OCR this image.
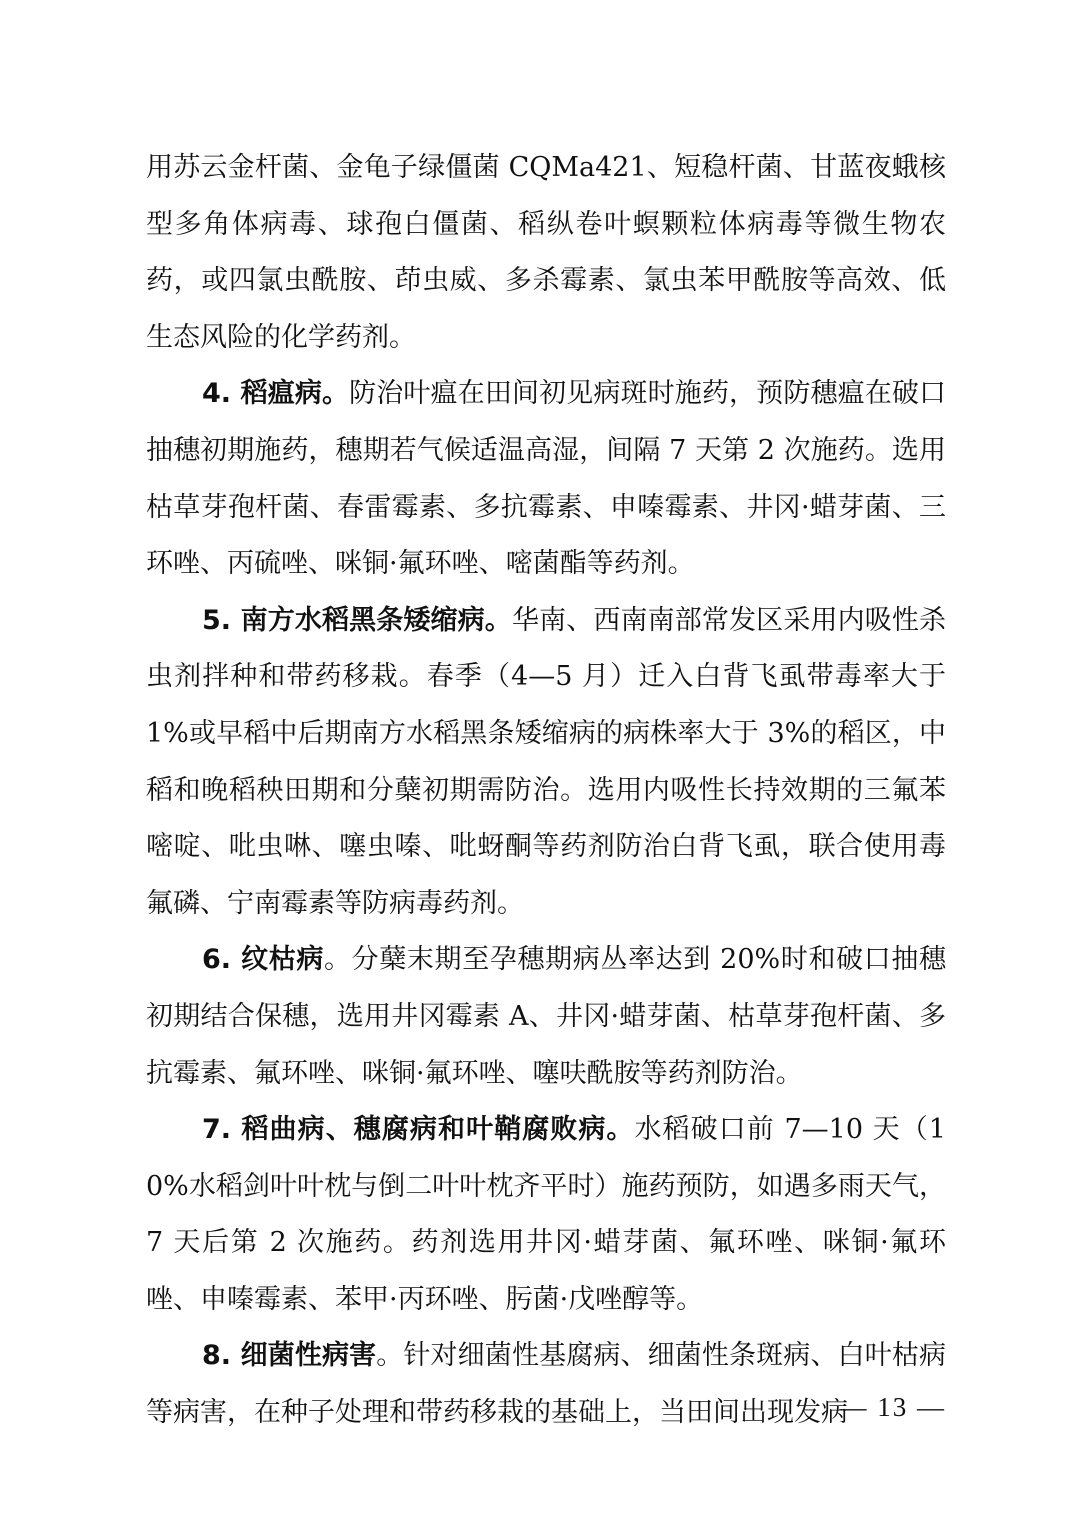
用苏云金杆菌、金龟子绿僵菌 CQMa421、短稳杆菌、甘蓝夜蛾核型多角体病毒、球孢白僵菌、稻纵卷叶螟颗粒体病毒等微生物农药，或四氯虫酰胺、茚虫威、多杀霉素、氯虫苯甲酰胺等高效、低生态风险的化学药剂。

4. 稻瘟病。防治叶瘟在田间初见病斑时施药，预防穗瘟在破口抽穗初期施药，穗期若气候适温高湿，间隔 7 天第 2 次施药。选用枯草芽孢杆菌、春雷霉素、多抗霉素、申嗪霉素、井冈·蜡芽菌、三环唑、丙硫唑、咪铜·氟环唑、嘧菌酯等药剂。

5. 南方水稻黑条矮缩病。华南、西南南部常发区采用内吸性杀虫剂拌种和带药移栽。春季（4—5 月）迁入白背飞虱带毒率大于 1%或早稻中后期南方水稻黑条矮缩病的病株率大于 3%的稻区，中稻和晚稻秧田期和分蘖初期需防治。选用内吸性长持效期的三氟苯嘧啶、吡虫啉、噻虫嗪、吡蚜酮等药剂防治白背飞虱，联合使用毒氟磷、宁南霉素等防病毒药剂。

6. 纹枯病。分蘖末期至孕穗期病丛率达到 20%时和破口抽穗初期结合保穗，选用井冈霉素 A、井冈·蜡芽菌、枯草芽孢杆菌、多抗霉素、氟环唑、咪铜·氟环唑、噻呋酰胺等药剂防治。

7. 稻曲病、穗腐病和叶鞘腐败病。水稻破口前 7—10 天（10%水稻剑叶叶枕与倒二叶叶枕齐平时）施药预防，如遇多雨天气，7 天后第 2 次施药。药剂选用井冈·蜡芽菌、氟环唑、咪铜·氟环唑、申嗪霉素、苯甲·丙环唑、肟菌·戊唑醇等。

8. 细菌性病害。针对细菌性基腐病、细菌性条斑病、白叶枯病等病害，在种子处理和带药移栽的基础上，当田间出现发病

— 13 —
